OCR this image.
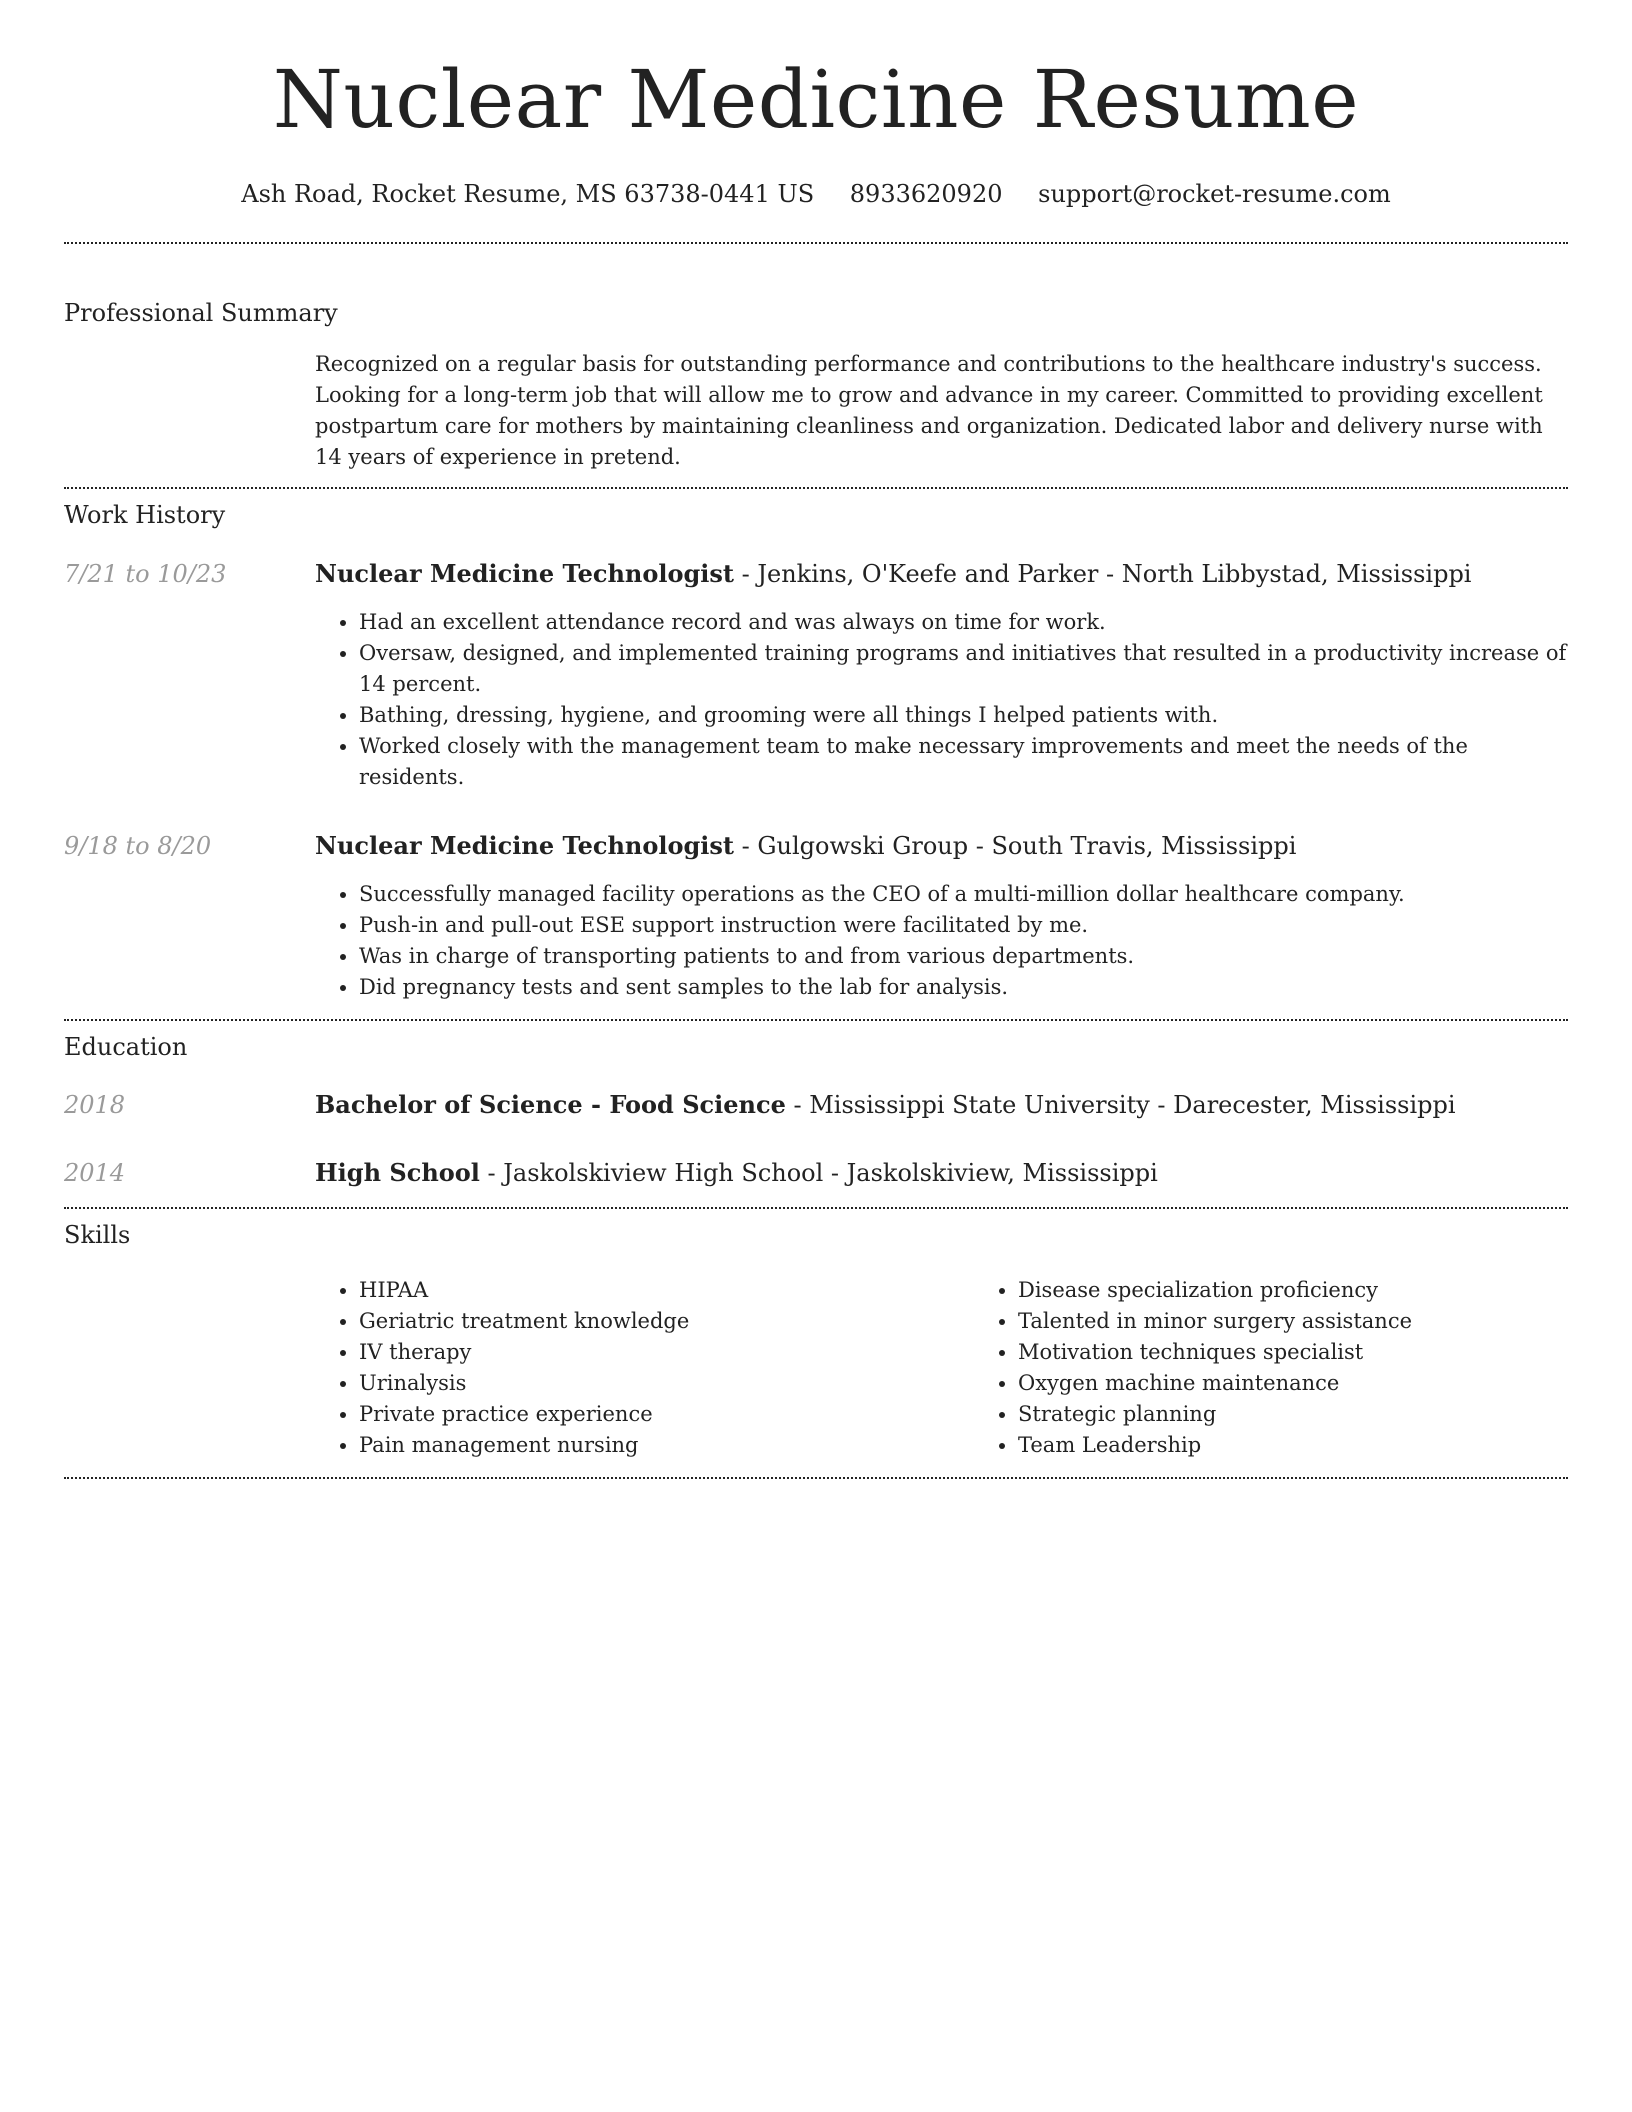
Nuclear Medicine Resume
Ash Road, Rocket Resume, MS 63738-0441 US 8933620920 support@rocket-resume.com
Professional Summary

Recognized on a regular basis for outstanding performance and contributions to the healthcare industry's success. Looking for a long-term job that will allow me to grow and advance in my career. Committed to providing excellent postpartum care for mothers by maintaining cleanliness and organization. Dedicated labor and delivery nurse with 14 years of experience in pretend.

Work History
7/21 to 10/23	Nuclear Medicine Technologist - Jenkins, O'Keefe and Parker - North Libbystad, Mississippi

• Had an excellent attendance record and was always on time for work.
• Oversaw, designed, and implemented training programs and initiatives that resulted in a productivity increase of 14 percent.
• Bathing, dressing, hygiene, and grooming were all things I helped patients with.
• Worked closely with the management team to make necessary improvements and meet the needs of the residents.
9/18 to 8/20	Nuclear Medicine Technologist - Gulgowski Group - South Travis, Mississippi

• Successfully managed facility operations as the CEO of a multi-million dollar healthcare company.
• Push-in and pull-out ESE support instruction were facilitated by me.
• Was in charge of transporting patients to and from various departments.
• Did pregnancy tests and sent samples to the lab for analysis.
Education
2018	Bachelor of Science - Food Science - Mississippi State University - Darecester, Mississippi

2014	High School - Jaskolskiview High School - Jaskolskiview, Mississippi

Skills
• HIPAA
• Geriatric treatment knowledge
• IV therapy
• Urinalysis
• Private practice experience
• Pain management nursing
• Disease specialization proficiency
• Talented in minor surgery assistance
• Motivation techniques specialist
• Oxygen machine maintenance
• Strategic planning
• Team Leadership
